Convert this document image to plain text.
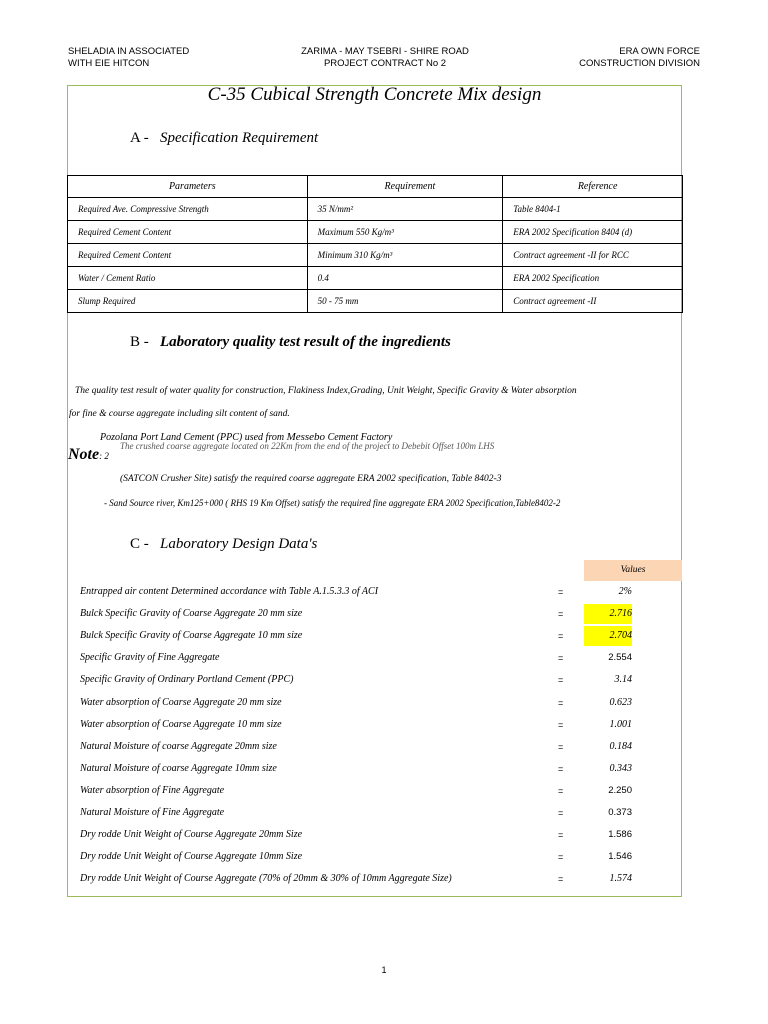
SHELADIA IN ASSOCIATED
WITH EIE HITCON
ZARIMA - MAY TSEBRI - SHIRE ROAD
PROJECT CONTRACT No 2
ERA OWN FORCE
CONSTRUCTION DIVISION
C-35 Cubical Strength Concrete Mix design
A - Specification Requirement
Parameters	Requirement	Reference
Required Ave. Compressive Strength	35 N/mm²	Table 8404-1
Required Cement Content	Maximum 550 Kg/m³	ERA 2002 Specification 8404 (d)
Required Cement Content	Minimum 310 Kg/m³	Contract agreement -II for RCC
Water / Cement Ratio	0.4	ERA 2002 Specification
Slump Required	50 - 75 mm	Contract agreement -II
B - Laboratory quality test result of the ingredients
The quality test result of water quality for construction, Flakiness Index,Grading, Unit Weight, Specific Gravity & Water absorption
for fine & course aggregate including silt content of sand.
The crushed coarse aggregate located on 22Km from the end of the project to Debebit Offset 100m LHS
Pozolana Port Land Cement (PPC) used from Messebo Cement Factory
Note: 2
(SATCON Crusher Site) satisfy the required coarse aggregate ERA 2002 specification, Table 8402-3
- Sand Source river, Km125+000 ( RHS 19 Km Offset) satisfy the required fine aggregate ERA 2002 Specification,Table8402-2
C - Laboratory Design Data's
Values
Entrapped air content Determined accordance with Table A.1.5.3.3 of ACI	=	2%
Bulck Specific Gravity of Coarse Aggregate 20 mm size	=	2.716
Bulck Specific Gravity of Coarse Aggregate 10 mm size	=	2.704
Specific Gravity of Fine Aggregate	=	2.554
Specific Gravity of Ordinary Portland Cement (PPC)	=	3.14
Water absorption of Coarse Aggregate 20 mm size	=	0.623
Water absorption of Coarse Aggregate 10 mm size	=	1.001
Natural Moisture of coarse Aggregate 20mm size	=	0.184
Natural Moisture of coarse Aggregate 10mm size	=	0.343
Water absorption of Fine Aggregate	=	2.250
Natural Moisture of Fine Aggregate	=	0.373
Dry rodde Unit Weight of Course Aggregate 20mm Size	=	1.586
Dry rodde Unit Weight of Course Aggregate 10mm Size	=	1.546
Dry rodde Unit Weight of Course Aggregate (70% of 20mm & 30% of 10mm Aggregate Size)	=	1.574
1
